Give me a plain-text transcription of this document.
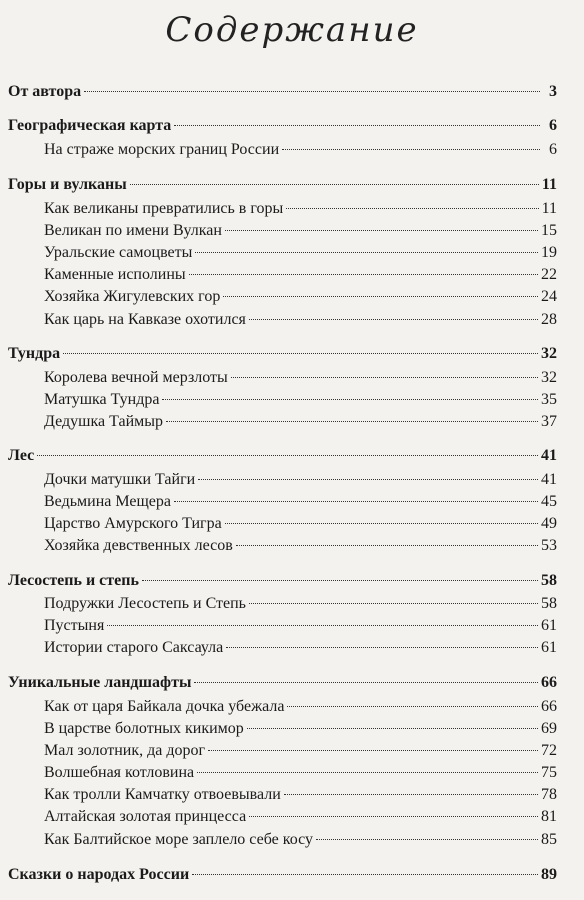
Содержание
От автора	3
Географическая карта	6
На страже морских границ России	6
Горы и вулканы	11
Как великаны превратились в горы	11
Великан по имени Вулкан	15
Уральские самоцветы	19
Каменные исполины	22
Хозяйка Жигулевских гор	24
Как царь на Кавказе охотился	28
Тундра	32
Королева вечной мерзлоты	32
Матушка Тундра	35
Дедушка Таймыр	37
Лес	41
Дочки матушки Тайги	41
Ведьмина Мещера	45
Царство Амурского Тигра	49
Хозяйка девственных лесов	53
Лесостепь и степь	58
Подружки Лесостепь и Степь	58
Пустыня	61
Истории старого Саксаула	61
Уникальные ландшафты	66
Как от царя Байкала дочка убежала	66
В царстве болотных кикимор	69
Мал золотник, да дорог	72
Волшебная котловина	75
Как тролли Камчатку отвоевывали	78
Алтайская золотая принцесса	81
Как Балтийское море заплело себе косу	85
Сказки о народах России	89
